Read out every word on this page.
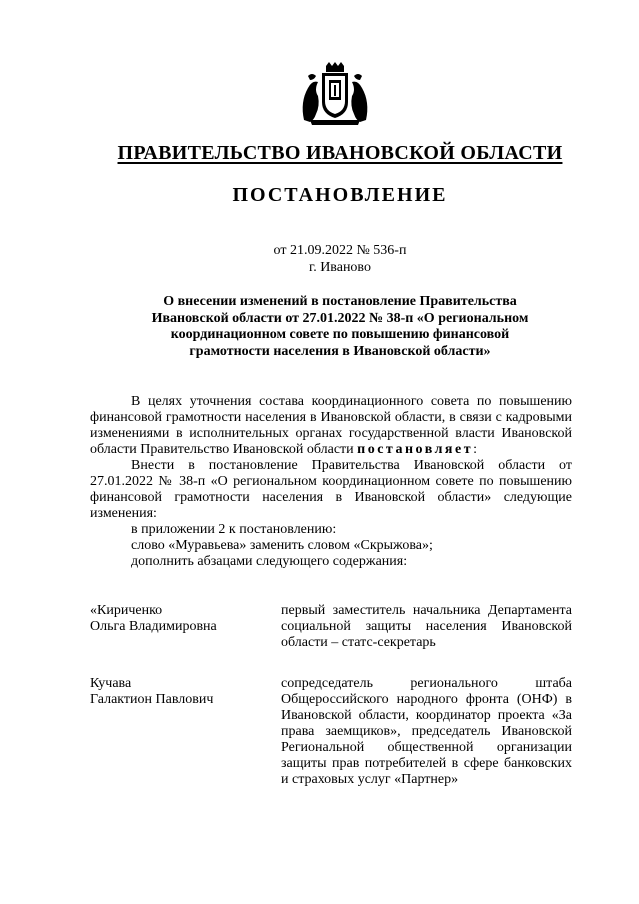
ПРАВИТЕЛЬСТВО ИВАНОВСКОЙ ОБЛАСТИ
ПОСТАНОВЛЕНИЕ
от 21.09.2022 № 536-п
г. Иваново
О внесении изменений в постановление Правительства
Ивановской области от 27.01.2022 № 38-п «О региональном
координационном совете по повышению финансовой
грамотности населения в Ивановской области»

В целях уточнения состава координационного совета по повышению финансовой грамотности населения в Ивановской области, в связи с кадровыми изменениями в исполнительных органах государственной власти Ивановской области Правительство Ивановской области постановляет:

Внести в постановление Правительства Ивановской области от 27.01.2022 № 38-п «О региональном координационном совете по повышению финансовой грамотности населения в Ивановской области» следующие изменения:

в приложении 2 к постановлению:

слово «Муравьева» заменить словом «Скрыжова»;

дополнить абзацами следующего содержания:

«Кириченко
Ольга Владимировна
первый заместитель начальника Департамента социальной защиты населения Ивановской области – статс-секретарь
Кучава
Галактион Павлович
сопредседатель регионального штаба Общероссийского народного фронта (ОНФ) в Ивановской области, координатор проекта «За права заемщиков», председатель Ивановской Региональной общественной организации защиты прав потребителей в сфере банковских и страховых услуг «Партнер»
